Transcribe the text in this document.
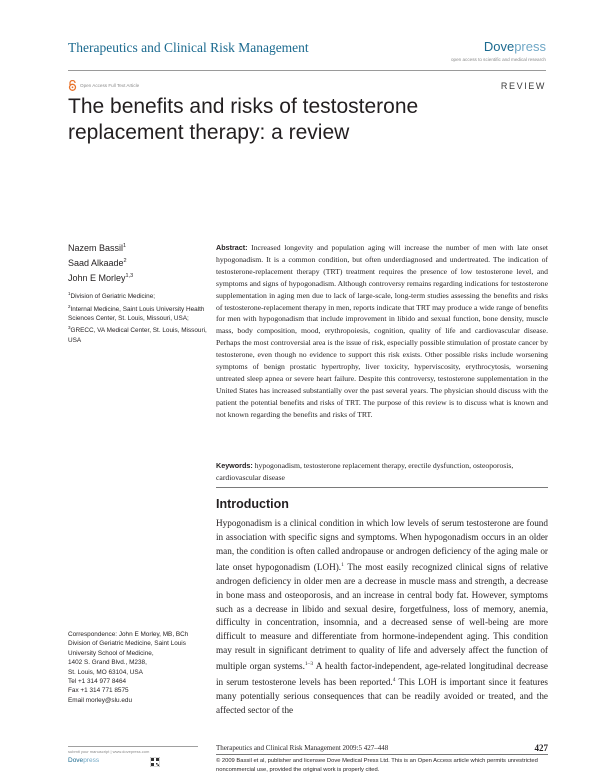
Therapeutics and Clinical Risk Management	Dovepress
open access to scientific and medical research
Open Access Full Text Article	REVIEW
The benefits and risks of testosterone
replacement therapy: a review
Nazem Bassil$^1$
Saad Alkaade$^2$
John E Morley$^{1,3}$
$^1$Division of Geriatric Medicine;
$^2$Internal Medicine, Saint Louis University Health Sciences Center, St. Louis, Missouri, USA; $^3$GRECC, VA Medical Center, St. Louis, Missouri, USA
Correspondence: John E Morley, MB, BCh
Division of Geriatric Medicine, Saint Louis
University School of Medicine,
1402 S. Grand Blvd., M238,
St. Louis, MO 63104, USA
Tel +1 314 977 8464
Fax +1 314 771 8575
Email morley@slu.edu
Abstract: Increased longevity and population aging will increase the number of men with late onset hypogonadism. It is a common condition, but often underdiagnosed and undertreated. The indication of testosterone-replacement therapy (TRT) treatment requires the presence of low testosterone level, and symptoms and signs of hypogonadism. Although controversy remains regarding indications for testosterone supplementation in aging men due to lack of large-scale, long-term studies assessing the benefits and risks of testosterone-replacement therapy in men, reports indicate that TRT may produce a wide range of benefits for men with hypogonadism that include improvement in libido and sexual function, bone density, muscle mass, body composition, mood, erythropoiesis, cognition, quality of life and cardiovascular disease. Perhaps the most controversial area is the issue of risk, especially possible stimulation of prostate cancer by testosterone, even though no evidence to support this risk exists. Other possible risks include worsening symptoms of benign prostatic hypertrophy, liver toxicity, hyperviscosity, erythrocytosis, worsening untreated sleep apnea or severe heart failure. Despite this controversy, testosterone supplementation in the United States has increased substantially over the past several years. The physician should discuss with the patient the potential benefits and risks of TRT. The purpose of this review is to discuss what is known and not known regarding the benefits and risks of TRT.
Keywords: hypogonadism, testosterone replacement therapy, erectile dysfunction, osteoporosis, cardiovascular disease
Introduction
Hypogonadism is a clinical condition in which low levels of serum testosterone are found in association with specific signs and symptoms. When hypogonadism occurs in an older man, the condition is often called andropause or androgen deficiency of the aging male or late onset hypogonadism (LOH).$^1$ The most easily recognized clinical signs of relative androgen deficiency in older men are a decrease in muscle mass and strength, a decrease in bone mass and osteoporosis, and an increase in central body fat. However, symptoms such as a decrease in libido and sexual desire, forgetfulness, loss of memory, anemia, difficulty in concentration, insomnia, and a decreased sense of well-being are more difficult to measure and differentiate from hormone-independent aging. This condition may result in significant detriment to quality of life and adversely affect the function of multiple organ systems.$^{1-3}$ A health factor-independent, age-related longitudinal decrease in serum testosterone levels has been reported.$^4$ This LOH is important since it features many potentially serious consequences that can be readily avoided or treated, and the affected sector of the
submit your manuscript | www.dovepress.com
Dovepress
Therapeutics and Clinical Risk Management 2009:5 427–448	427
© 2009 Bassil et al, publisher and licensee Dove Medical Press Ltd. This is an Open Access article which permits unrestricted noncommercial use, provided the original work is properly cited.
